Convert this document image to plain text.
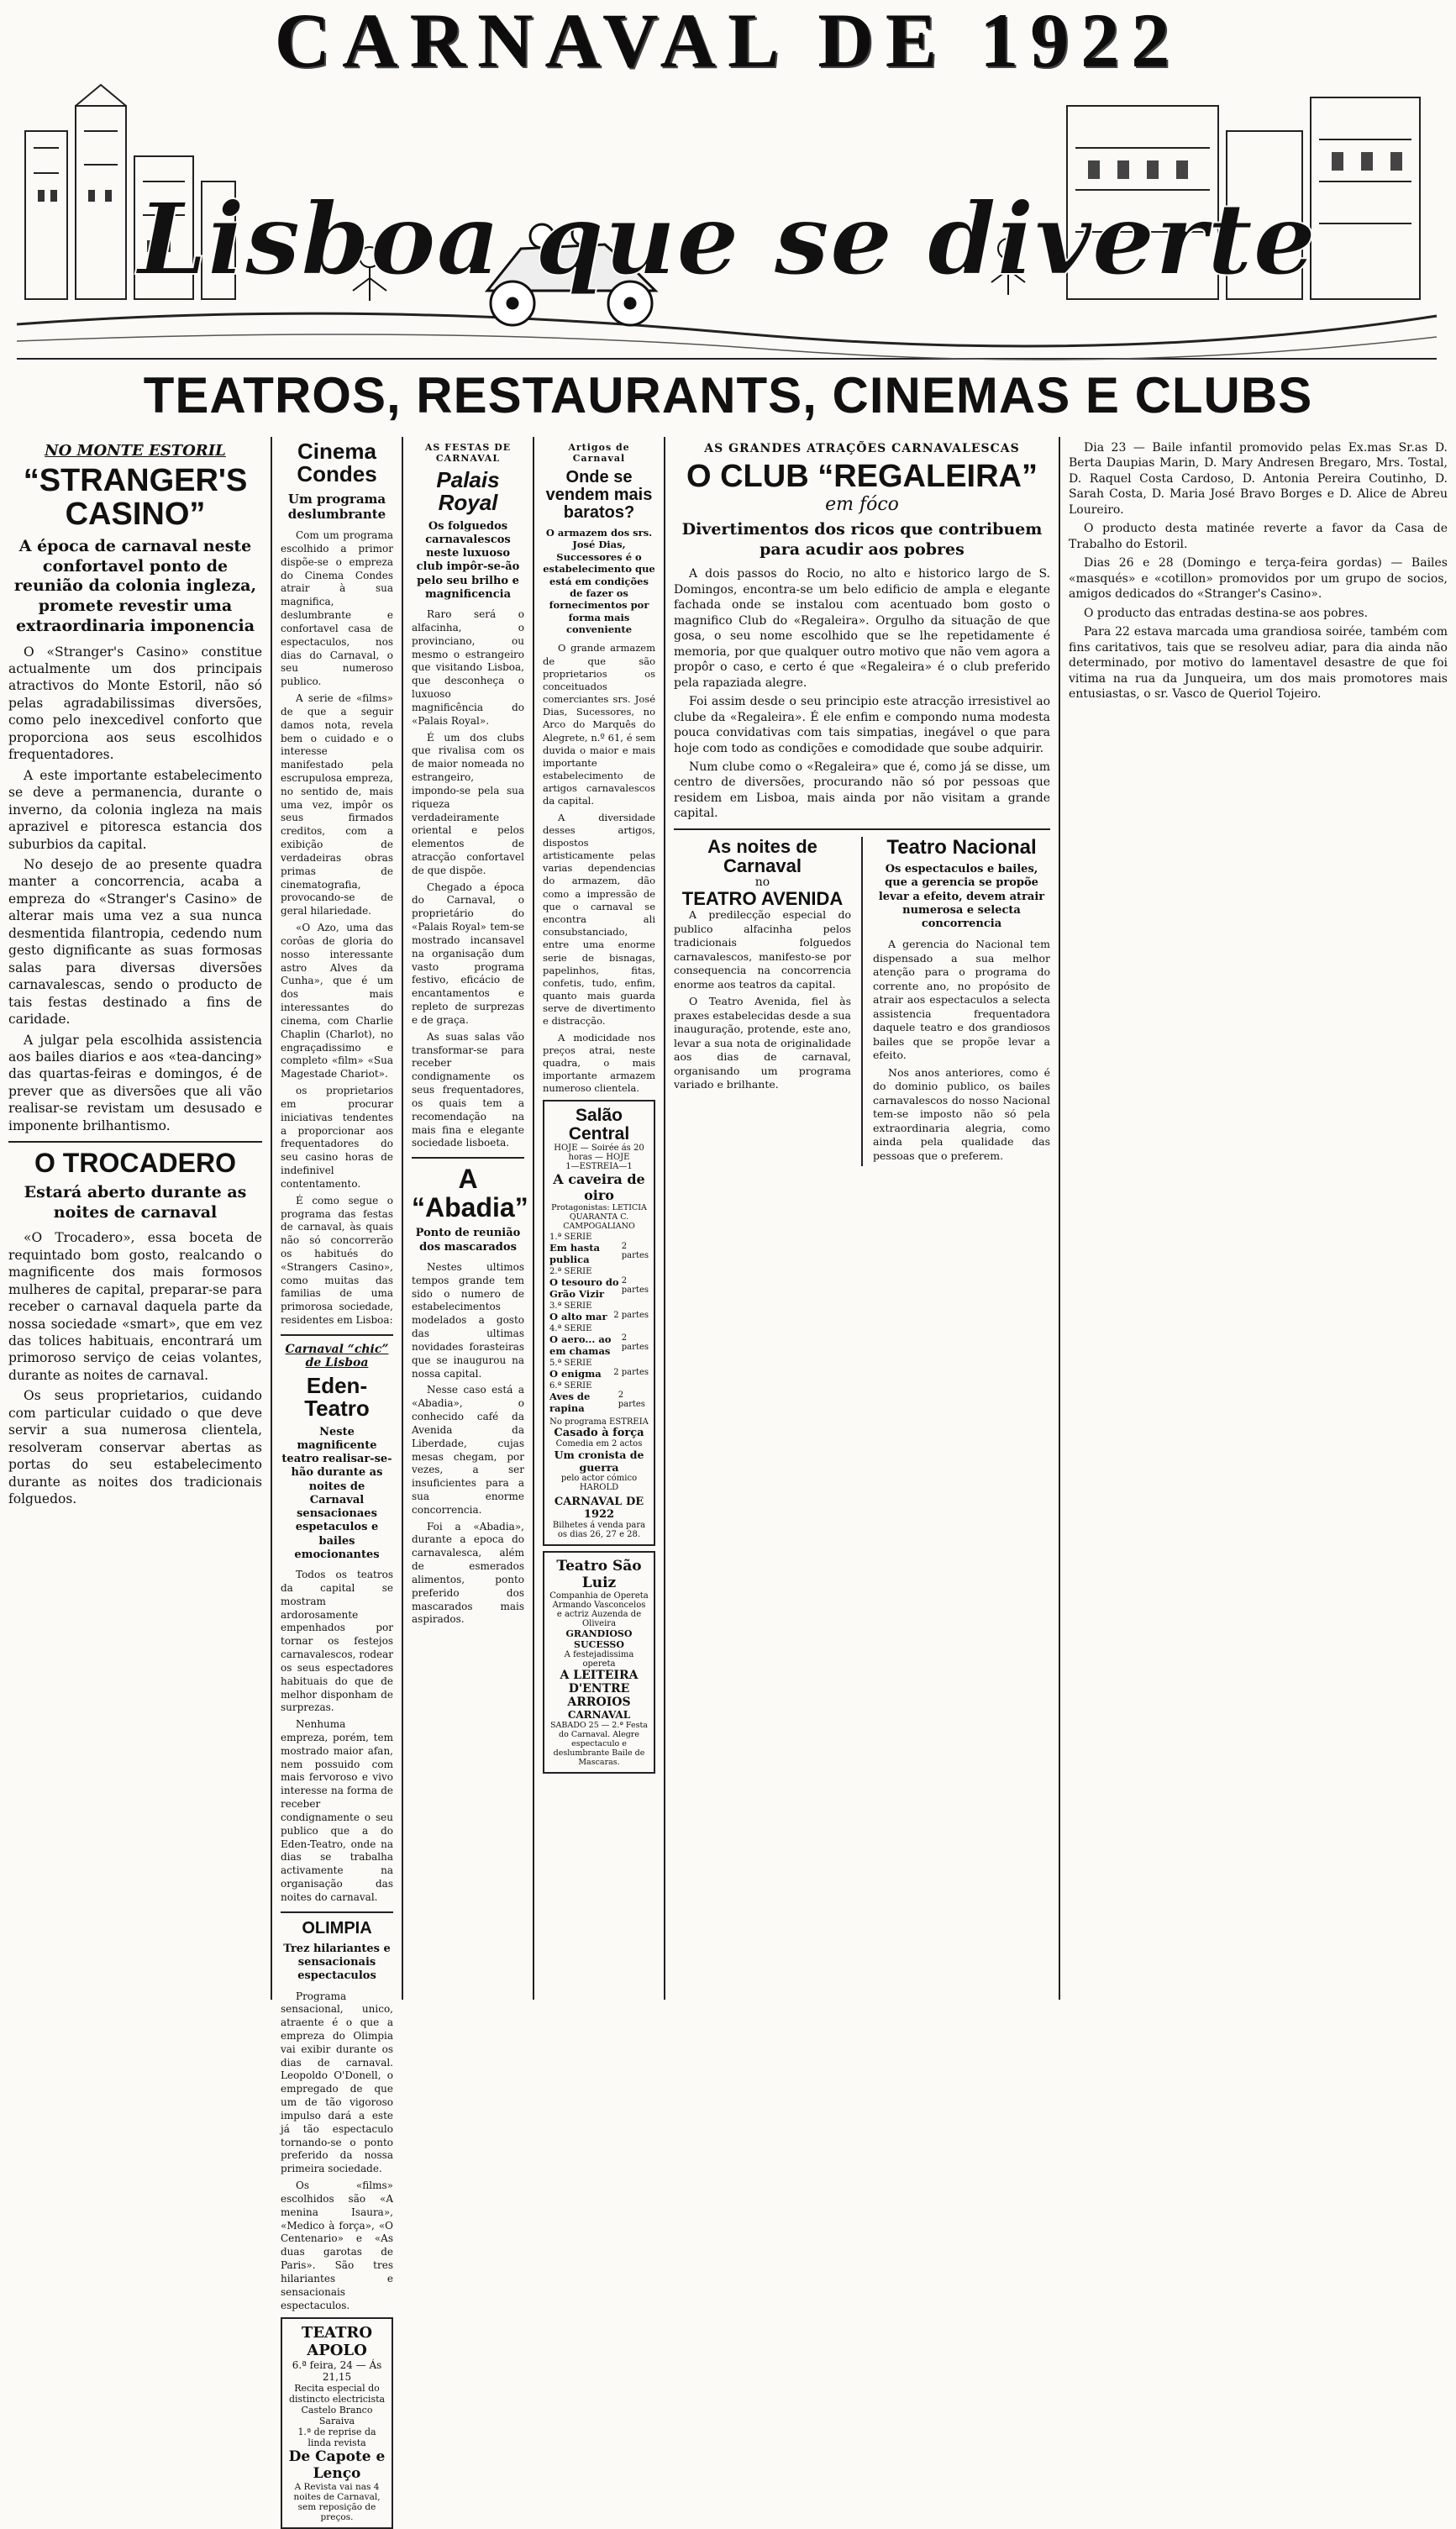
CARNAVAL DE 1922
Lisboa que se diverte
TEATROS, RESTAURANTS, CINEMAS E CLUBS
NO MONTE ESTORIL
“STRANGER'S CASINO”
A época de carnaval neste confortavel ponto de reunião da colonia ingleza, promete revestir uma extraordinaria imponencia

O «Stranger's Casino» constitue actualmente um dos principais atractivos do Monte Estoril, não só pelas agradabilissimas diversões, como pelo inexcedivel conforto que proporciona aos seus escolhidos frequentadores.

A este importante estabelecimento se deve a permanencia, durante o inverno, da colonia ingleza na mais aprazivel e pitoresca estancia dos suburbios da capital.

No desejo de ao presente quadra manter a concorrencia, acaba a empreza do «Stranger's Casino» de alterar mais uma vez a sua nunca desmentida filantropia, cedendo num gesto dignificante as suas formosas salas para diversas diversões carnavalescas, sendo o producto de tais festas destinado a fins de caridade.

A julgar pela escolhida assistencia aos bailes diarios e aos «tea-dancing» das quartas-feiras e domingos, é de prever que as diversões que ali vão realisar-se revistam um desusado e imponente brilhantismo.

O TROCADERO
Estará aberto durante as noites de carnaval

«O Trocadero», essa boceta de requintado bom gosto, realcando o magnificente dos mais formosos mulheres de capital, preparar-se para receber o carnaval daquela parte da nossa sociedade «smart», que em vez das tolices habituais, encontrará um primoroso serviço de ceias volantes, durante as noites de carnaval.

Os seus proprietarios, cuidando com particular cuidado o que deve servir a sua numerosa clientela, resolveram conservar abertas as portas do seu estabelecimento durante as noites dos tradicionais folguedos.

Cinema Condes
Um programa deslumbrante

Com um programa escolhido a primor dispõe-se o empreza do Cinema Condes atrair à sua magnifica, deslumbrante e confortavel casa de espectaculos, nos dias do Carnaval, o seu numeroso publico.

A serie de «films» de que a seguir damos nota, revela bem o cuidado e o interesse manifestado pela escrupulosa empreza, no sentido de, mais uma vez, impôr os seus firmados creditos, com a exibição de verdadeiras obras primas de cinematografia, provocando-se de geral hilariedade.

«O Azo, uma das corôas de gloria do nosso interessante astro Alves da Cunha», que é um dos mais interessantes do cinema, com Charlie Chaplin (Charlot), no engraçadissimo e completo «film» «Sua Magestade Chariot».

os proprietarios em procurar iniciativas tendentes a proporcionar aos frequentadores do seu casino horas de indefinivel contentamento.

É como segue o programa das festas de carnaval, às quais não só concorrerão os habitués do «Strangers Casino», como muitas das familias de uma primorosa sociedade, residentes em Lisboa:

Carnaval “chic” de Lisboa
Eden-Teatro
Neste magnificente teatro realisar-se-hão durante as noites de Carnaval sensacionaes espetaculos e bailes emocionantes

Todos os teatros da capital se mostram ardorosamente empenhados por tornar os festejos carnavalescos, rodear os seus espectadores habituais do que de melhor disponham de surprezas.

Nenhuma empreza, porém, tem mostrado maior afan, nem possuido com mais fervoroso e vivo interesse na forma de receber condignamente o seu publico que a do Eden-Teatro, onde na dias se trabalha activamente na organisação das noites do carnaval.

OLIMPIA
Trez hilariantes e sensacionais espectaculos

Programa sensacional, unico, atraente é o que a empreza do Olimpia vai exibir durante os dias de carnaval. Leopoldo O'Donell, o empregado de que um de tão vigoroso impulso dará a este já tão espectaculo tornando-se o ponto preferido da nossa primeira sociedade.

Os «films» escolhidos são «A menina Isaura», «Medico à força», «O Centenario» e «As duas garotas de Paris». São tres hilariantes e sensacionais espectaculos.

TEATRO APOLO
6.ª feira, 24 — Ás 21,15
Recita especial do distincto electricista Castelo Branco Saraiva
1.ª de reprise da linda revista
De Capote e Lenço
A Revista vai nas 4 noites de Carnaval, sem reposição de preços.
AS FESTAS DE CARNAVAL
Palais Royal
Os folguedos carnavalescos neste luxuoso club impôr-se-ão pelo seu brilho e magnificencia

Raro será o alfacinha, o provinciano, ou mesmo o estrangeiro que visitando Lisboa, que desconheça o luxuoso magnificência do «Palais Royal».

É um dos clubs que rivalisa com os de maior nomeada no estrangeiro, impondo-se pela sua riqueza verdadeiramente oriental e pelos elementos de atracção confortavel de que dispõe.

Chegado a época do Carnaval, o proprietário do «Palais Royal» tem-se mostrado incansavel na organisação dum vasto programa festivo, eficácio de encantamentos e repleto de surprezas e de graça.

As suas salas vão transformar-se para receber condignamente os seus frequentadores, os quais tem a recomendação na mais fina e elegante sociedade lisboeta.

A “Abadia”
Ponto de reunião dos mascarados

Nestes ultimos tempos grande tem sido o numero de estabelecimentos modelados a gosto das ultimas novidades forasteiras que se inaugurou na nossa capital.

Nesse caso está a «Abadia», o conhecido café da Avenida da Liberdade, cujas mesas chegam, por vezes, a ser insuficientes para a sua enorme concorrencia.

Foi a «Abadia», durante a epoca do carnavalesca, além de esmerados alimentos, ponto preferido dos mascarados mais aspirados.

Artigos de Carnaval
Onde se vendem mais baratos?
O armazem dos srs. José Dias, Successores é o estabelecimento que está em condições de fazer os fornecimentos por forma mais conveniente

O grande armazem de que são proprietarios os conceituados comerciantes srs. José Dias, Sucessores, no Arco do Marquês do Alegrete, n.º 61, é sem duvida o maior e mais importante estabelecimento de artigos carnavalescos da capital.

A diversidade desses artigos, dispostos artisticamente pelas varias dependencias do armazem, dão como a impressão de que o carnaval se encontra ali consubstanciado, entre uma enorme serie de bisnagas, papelinhos, fitas, confetis, tudo, enfim, quanto mais guarda serve de divertimento e distracção.

A modicidade nos preços atrai, neste quadra, o mais importante armazem numeroso clientela.

Salão Central
HOJE — Soirée ás 20 horas — HOJE
1—ESTREIA—1
A caveira de oiro
Protagonistas: LETICIA QUARANTA C. CAMPOGALIANO
1.ª SERIE
Em hasta publica
2 partes
2.ª SERIE
O tesouro do Grão Vizir
2 partes
3.ª SERIE
O alto mar 2 partes
4.ª SERIE
O aero... ao em chamas
2 partes
5.ª SERIE
O enigma 2 partes
6.ª SERIE
Aves de rapina
2 partes
No programa ESTREIA
Casado à força
Comedia em 2 actos
Um cronista de guerra
pelo actor cómico HAROLD
CARNAVAL DE 1922
Bilhetes á venda para os dias 26, 27 e 28.
Teatro São Luiz
Companhia de Opereta Armando Vasconcelos
e actriz Auzenda de Oliveira
GRANDIOSO SUCESSO
A festejadissima opereta
A LEITEIRA
D'ENTRE ARROIOS
CARNAVAL
SABADO 25 — 2.ª Festa do Carnaval. Alegre espectaculo e deslumbrante Baile de Mascaras.
AS GRANDES ATRAÇÕES CARNAVALESCAS
O CLUB “REGALEIRA”
em fóco
Divertimentos dos ricos que contribuem para acudir aos pobres

A dois passos do Rocio, no alto e historico largo de S. Domingos, encontra-se um belo edificio de ampla e elegante fachada onde se instalou com acentuado bom gosto o magnifico Club do «Regaleira». Orgulho da situação de que gosa, o seu nome escolhido que se lhe repetidamente é memoria, por que qualquer outro motivo que não vem agora a propôr o caso, e certo é que «Regaleira» é o club preferido pela rapaziada alegre.

Foi assim desde o seu principio este atracção irresistivel ao clube da «Regaleira». É ele enfim e compondo numa modesta pouca convidativas com tais simpatias, inegável o que para hoje com todo as condições e comodidade que soube adquirir.

Num clube como o «Regaleira» que é, como já se disse, um centro de diversões, procurando não só por pessoas que residem em Lisboa, mais ainda por não visitam a grande capital.

As noites de Carnaval
no
TEATRO AVENIDA

A predilecção especial do publico alfacinha pelos tradicionais folguedos carnavalescos, manifesto-se por consequencia na concorrencia enorme aos teatros da capital.

O Teatro Avenida, fiel às praxes estabelecidas desde a sua inauguração, protende, este ano, levar a sua nota de originalidade aos dias de carnaval, organisando um programa variado e brilhante.

Teatro Nacional
Os espectaculos e bailes, que a gerencia se propõe levar a efeito, devem atrair numerosa e selecta concorrencia

A gerencia do Nacional tem dispensado a sua melhor atenção para o programa do corrente ano, no propósito de atrair aos espectaculos a selecta assistencia frequentadora daquele teatro e dos grandiosos bailes que se propõe levar a efeito.

Nos anos anteriores, como é do dominio publico, os bailes carnavalescos do nosso Nacional tem-se imposto não só pela extraordinaria alegria, como ainda pela qualidade das pessoas que o preferem.

Dia 23 — Baile infantil promovido pelas Ex.mas Sr.as D. Berta Daupias Marin, D. Mary Andresen Bregaro, Mrs. Tostal, D. Raquel Costa Cardoso, D. Antonia Pereira Coutinho, D. Sarah Costa, D. Maria José Bravo Borges e D. Alice de Abreu Loureiro.

O producto desta matinée reverte a favor da Casa de Trabalho do Estoril.

Dias 26 e 28 (Domingo e terça-feira gordas) — Bailes «masqués» e «cotillon» promovidos por um grupo de socios, amigos dedicados do «Stranger's Casino».

O producto das entradas destina-se aos pobres.

Para 22 estava marcada uma grandiosa soirée, também com fins caritativos, tais que se resolveu adiar, para dia ainda não determinado, por motivo do lamentavel desastre de que foi vitima na rua da Junqueira, um dos mais promotores mais entusiastas, o sr. Vasco de Queriol Tojeiro.
